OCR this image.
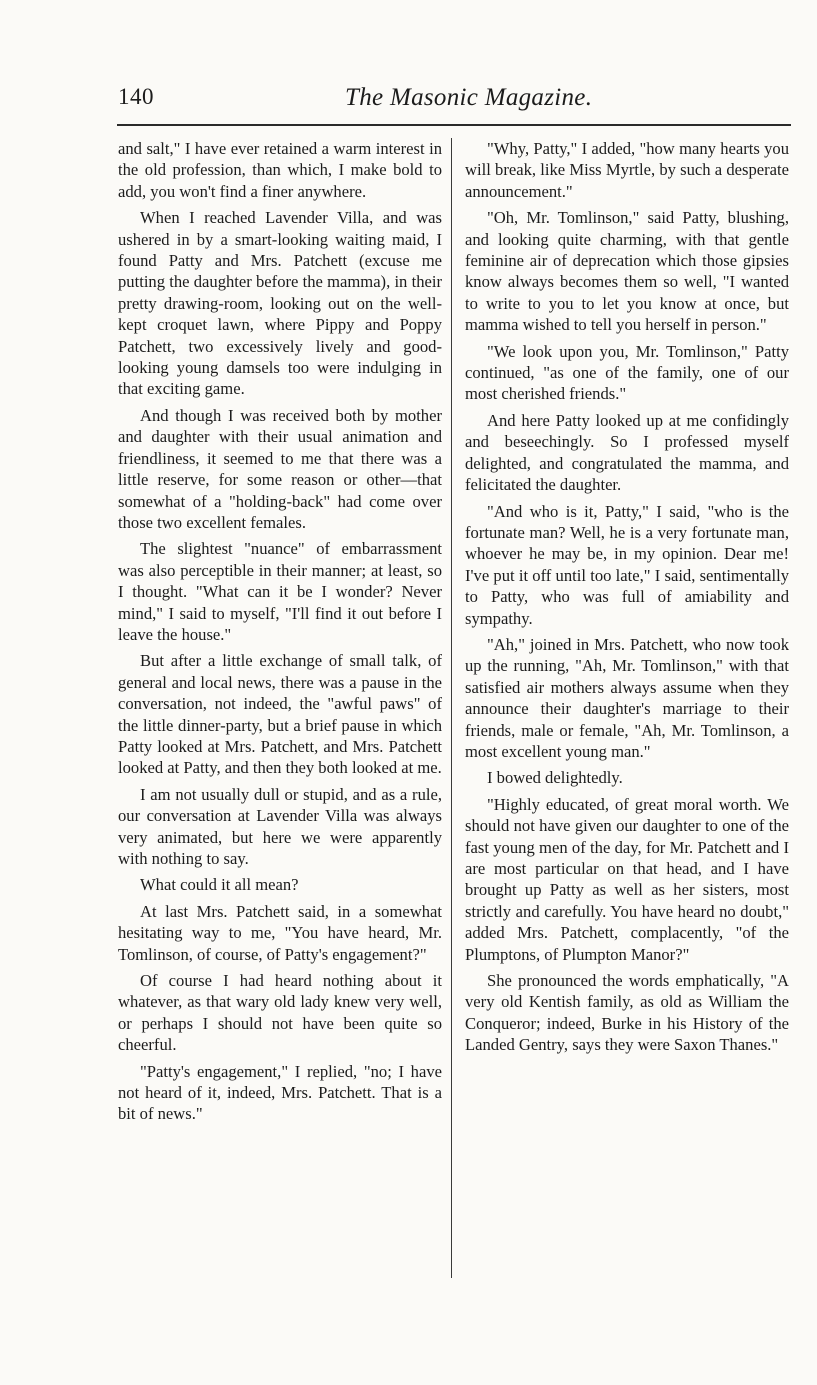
140	The Masonic Magazine.

and salt," I have ever retained a warm interest in the old profession, than which, I make bold to add, you won't find a finer anywhere.

When I reached Lavender Villa, and was ushered in by a smart-looking waiting maid, I found Patty and Mrs. Patchett (excuse me putting the daughter before the mamma), in their pretty drawing-room, looking out on the well-kept croquet lawn, where Pippy and Poppy Patchett, two excessively lively and good-looking young damsels too were indulging in that exciting game.

And though I was received both by mother and daughter with their usual animation and friendliness, it seemed to me that there was a little reserve, for some reason or other—that somewhat of a "holding-back" had come over those two excellent females.

The slightest "nuance" of embarrassment was also perceptible in their manner; at least, so I thought. "What can it be I wonder? Never mind," I said to myself, "I'll find it out before I leave the house."

But after a little exchange of small talk, of general and local news, there was a pause in the conversation, not indeed, the "awful paws" of the little dinner-party, but a brief pause in which Patty looked at Mrs. Patchett, and Mrs. Patchett looked at Patty, and then they both looked at me.

I am not usually dull or stupid, and as a rule, our conversation at Lavender Villa was always very animated, but here we were apparently with nothing to say.

What could it all mean?

At last Mrs. Patchett said, in a somewhat hesitating way to me, "You have heard, Mr. Tomlinson, of course, of Patty's engagement?"

Of course I had heard nothing about it whatever, as that wary old lady knew very well, or perhaps I should not have been quite so cheerful.

"Patty's engagement," I replied, "no; I have not heard of it, indeed, Mrs. Patchett. That is a bit of news."

"Why, Patty," I added, "how many hearts you will break, like Miss Myrtle, by such a desperate announcement."

"Oh, Mr. Tomlinson," said Patty, blushing, and looking quite charming, with that gentle feminine air of deprecation which those gipsies know always becomes them so well, "I wanted to write to you to let you know at once, but mamma wished to tell you herself in person."

"We look upon you, Mr. Tomlinson," Patty continued, "as one of the family, one of our most cherished friends."

And here Patty looked up at me confidingly and beseechingly. So I professed myself delighted, and congratulated the mamma, and felicitated the daughter.

"And who is it, Patty," I said, "who is the fortunate man? Well, he is a very fortunate man, whoever he may be, in my opinion. Dear me! I've put it off until too late," I said, sentimentally to Patty, who was full of amiability and sympathy.

"Ah," joined in Mrs. Patchett, who now took up the running, "Ah, Mr. Tomlinson," with that satisfied air mothers always assume when they announce their daughter's marriage to their friends, male or female, "Ah, Mr. Tomlinson, a most excellent young man."

I bowed delightedly.

"Highly educated, of great moral worth. We should not have given our daughter to one of the fast young men of the day, for Mr. Patchett and I are most particular on that head, and I have brought up Patty as well as her sisters, most strictly and carefully. You have heard no doubt," added Mrs. Patchett, complacently, "of the Plumptons, of Plumpton Manor?"

She pronounced the words emphatically, "A very old Kentish family, as old as William the Conqueror; indeed, Burke in his History of the Landed Gentry, says they were Saxon Thanes."
